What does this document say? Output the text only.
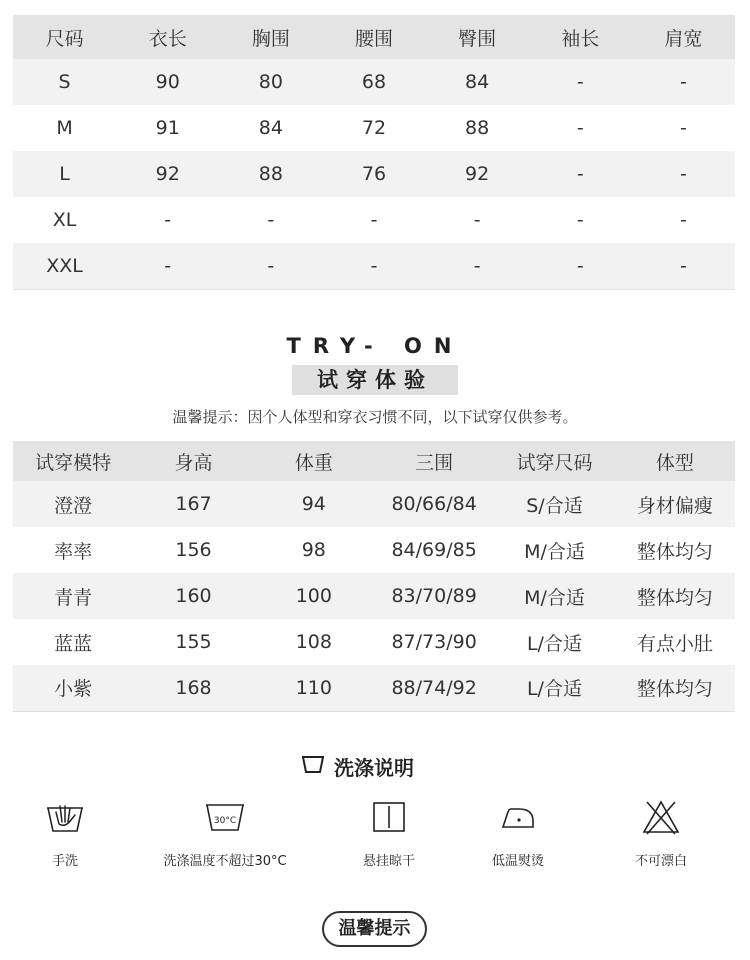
尺码	衣长	胸围	腰围	臀围	袖长	肩宽
S	90	80	68	84	-	-
M	91	84	72	88	-	-
L	92	88	76	92	-	-
XL	-	-	-	-	-	-
XXL	-	-	-	-	-	-
TRY- ON
试穿体验
温馨提示：因个人体型和穿衣习惯不同，以下试穿仅供参考。
试穿模特	身高	体重	三围	试穿尺码	体型
澄澄	167	94	80/66/84	S/合适	身材偏瘦
率率	156	98	84/69/85	M/合适	整体均匀
青青	160	100	83/70/89	M/合适	整体均匀
蓝蓝	155	108	87/73/90	L/合适	有点小肚
小紫	168	110	88/74/92	L/合适	整体均匀
洗涤说明
手洗
30°C
洗涤温度不超过30°C	悬挂晾干	低温熨烫	不可漂白
温馨提示
